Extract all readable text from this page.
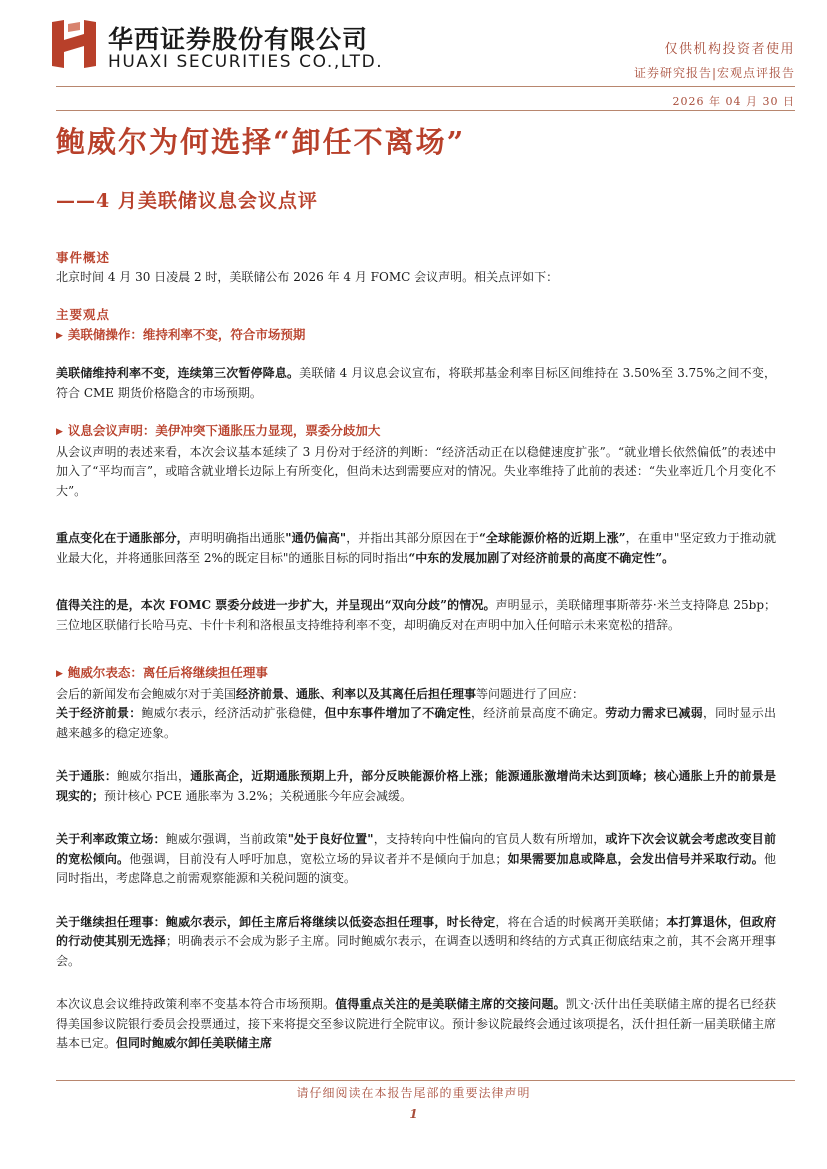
华西证券股份有限公司
HUAXI SECURITIES CO.,LTD.
仅供机构投资者使用
证券研究报告|宏观点评报告
2026 年 04 月 30 日
鲍威尔为何选择“卸任不离场”
——4 月美联储议息会议点评
事件概述
北京时间 4 月 30 日凌晨 2 时，美联储公布 2026 年 4 月 FOMC 会议声明。相关点评如下：
主要观点
▶ 美联储操作：维持利率不变，符合市场预期
美联储维持利率不变，连续第三次暂停降息。美联储 4 月议息会议宣布，将联邦基金利率目标区间维持在 3.50%至 3.75%之间不变，符合 CME 期货价格隐含的市场预期。
▶ 议息会议声明：美伊冲突下通胀压力显现，票委分歧加大
从会议声明的表述来看，本次会议基本延续了 3 月份对于经济的判断：“经济活动正在以稳健速度扩张”。“就业增长依然偏低”的表述中加入了“平均而言”，或暗含就业增长边际上有所变化，但尚未达到需要应对的情况。失业率维持了此前的表述：“失业率近几个月变化不大”。
重点变化在于通胀部分，声明明确指出通胀"通仍偏高"，并指出其部分原因在于“全球能源价格的近期上涨”，在重申"坚定致力于推动就业最大化，并将通胀回落至 2%的既定目标"的通胀目标的同时指出“中东的发展加剧了对经济前景的高度不确定性”。
值得关注的是，本次 FOMC 票委分歧进一步扩大，并呈现出“双向分歧”的情况。声明显示，美联储理事斯蒂芬·米兰支持降息 25bp；三位地区联储行长哈马克、卡什卡利和洛根虽支持维持利率不变，却明确反对在声明中加入任何暗示未来宽松的措辞。
▶ 鲍威尔表态：离任后将继续担任理事
会后的新闻发布会鲍威尔对于美国经济前景、通胀、利率以及其离任后担任理事等问题进行了回应：
关于经济前景：鲍威尔表示，经济活动扩张稳健，但中东事件增加了不确定性，经济前景高度不确定。劳动力需求已减弱，同时显示出越来越多的稳定迹象。
关于通胀：鲍威尔指出，通胀高企，近期通胀预期上升，部分反映能源价格上涨；能源通胀激增尚未达到顶峰；核心通胀上升的前景是现实的；预计核心 PCE 通胀率为 3.2%；关税通胀今年应会减缓。
关于利率政策立场：鲍威尔强调，当前政策"处于良好位置"，支持转向中性偏向的官员人数有所增加，或许下次会议就会考虑改变目前的宽松倾向。他强调，目前没有人呼吁加息，宽松立场的异议者并不是倾向于加息；如果需要加息或降息，会发出信号并采取行动。他同时指出，考虑降息之前需观察能源和关税问题的演变。
关于继续担任理事：鲍威尔表示，卸任主席后将继续以低姿态担任理事，时长待定，将在合适的时候离开美联储；本打算退休，但政府的行动使其别无选择；明确表示不会成为影子主席。同时鲍威尔表示，在调查以透明和终结的方式真正彻底结束之前，其不会离开理事会。
本次议息会议维持政策利率不变基本符合市场预期。值得重点关注的是美联储主席的交接问题。凯文·沃什出任美联储主席的提名已经获得美国参议院银行委员会投票通过，接下来将提交至参议院进行全院审议。预计参议院最终会通过该项提名，沃什担任新一届美联储主席基本已定。但同时鲍威尔卸任美联储主席
请仔细阅读在本报告尾部的重要法律声明
1
